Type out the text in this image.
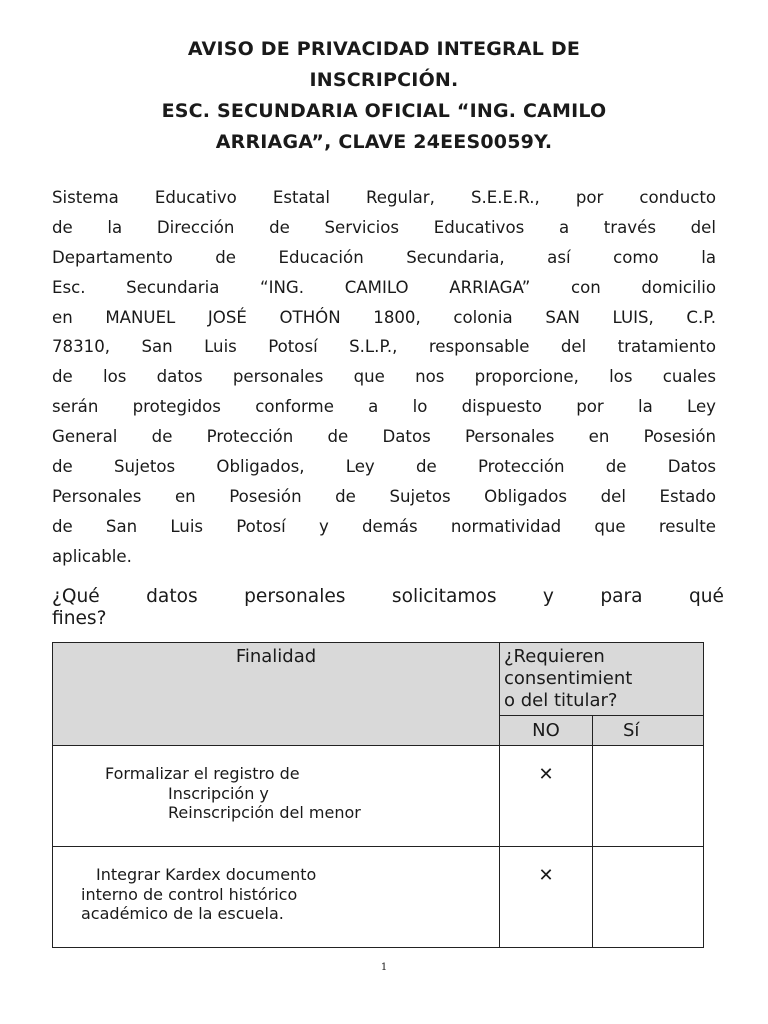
AVISO DE PRIVACIDAD INTEGRAL DE
INSCRIPCIÓN.
ESC. SECUNDARIA OFICIAL “ING. CAMILO
ARRIAGA”, CLAVE 24EES0059Y.
Sistema Educativo Estatal Regular, S.E.E.R., por conducto
de la Dirección de Servicios Educativos a través del
Departamento de Educación Secundaria, así como la
Esc. Secundaria “ING. CAMILO ARRIAGA” con domicilio
en MANUEL JOSÉ OTHÓN 1800, colonia SAN LUIS, C.P.
78310, San Luis Potosí S.L.P., responsable del tratamiento
de los datos personales que nos proporcione, los cuales
serán protegidos conforme a lo dispuesto por la Ley
General de Protección de Datos Personales en Posesión
de Sujetos Obligados, Ley de Protección de Datos
Personales en Posesión de Sujetos Obligados del Estado
de San Luis Potosí y demás normatividad que resulte
aplicable.
¿Qué datos personales solicitamos y para qué
fines?
Finalidad	¿Requieren
consentimient
o del titular?	

	NO	Sí

Formalizar el registro de
Inscripción y
Reinscripción del menor	✕	

Integrar Kardex documento
interno de control histórico
académico de la escuela.	✕	
1
